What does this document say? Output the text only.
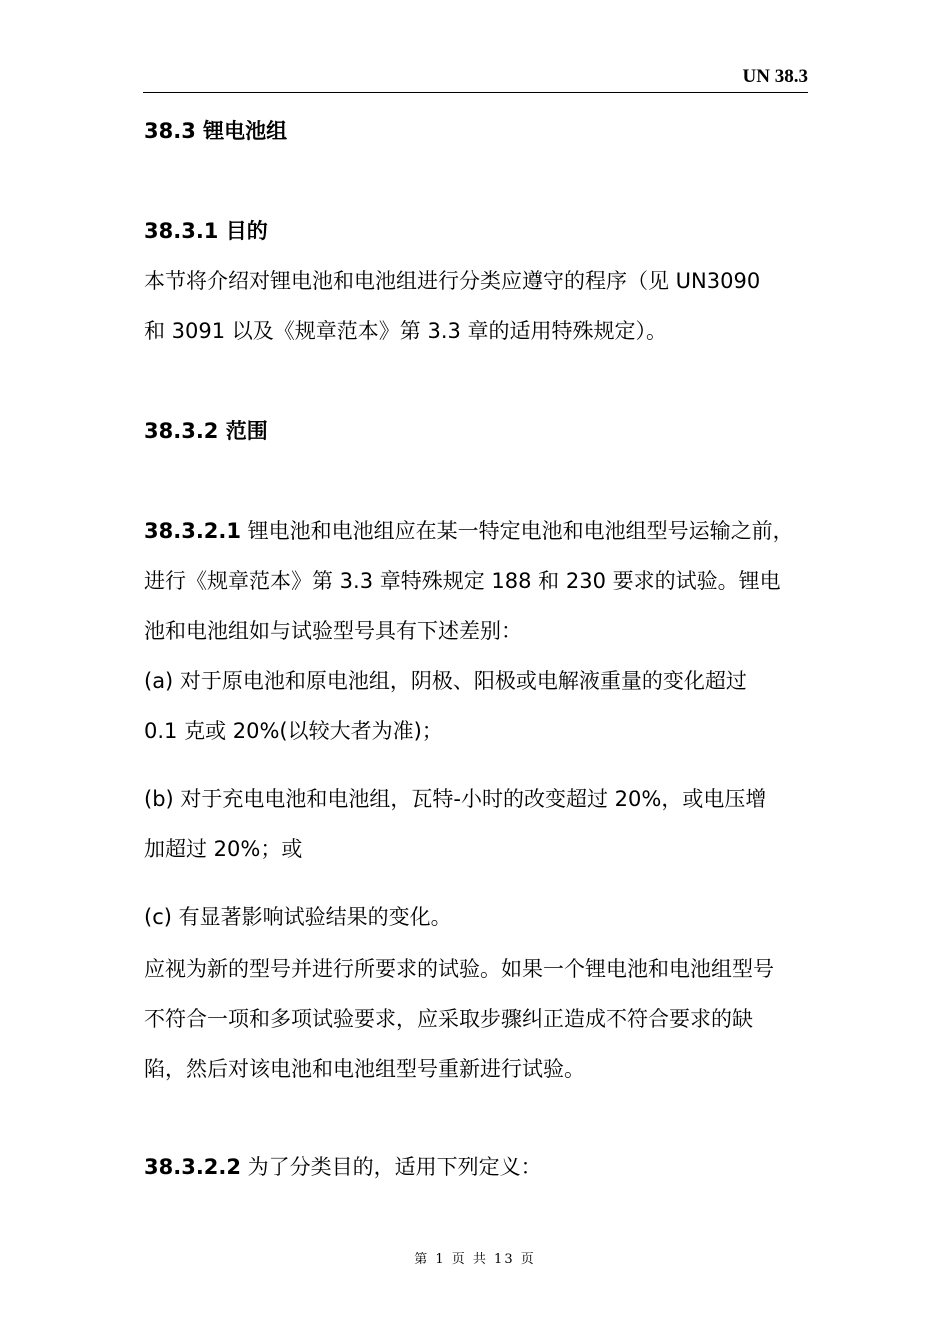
UN 38.3
38.3 锂电池组
38.3.1 目的
本节将介绍对锂电池和电池组进行分类应遵守的程序（见 UN3090
和 3091 以及《规章范本》第 3.3 章的适用特殊规定）。
38.3.2 范围
38.3.2.1 锂电池和电池组应在某一特定电池和电池组型号运输之前，
进行《规章范本》第 3.3 章特殊规定 188 和 230 要求的试验。锂电
池和电池组如与试验型号具有下述差别：
(a) 对于原电池和原电池组，阴极、阳极或电解液重量的变化超过
0.1 克或 20%(以较大者为准)；
(b) 对于充电电池和电池组，瓦特-小时的改变超过 20%，或电压增
加超过 20%；或
(c) 有显著影响试验结果的变化。
应视为新的型号并进行所要求的试验。如果一个锂电池和电池组型号
不符合一项和多项试验要求，应采取步骤纠正造成不符合要求的缺
陷，然后对该电池和电池组型号重新进行试验。
38.3.2.2 为了分类目的，适用下列定义：
第 1 页 共 13 页
